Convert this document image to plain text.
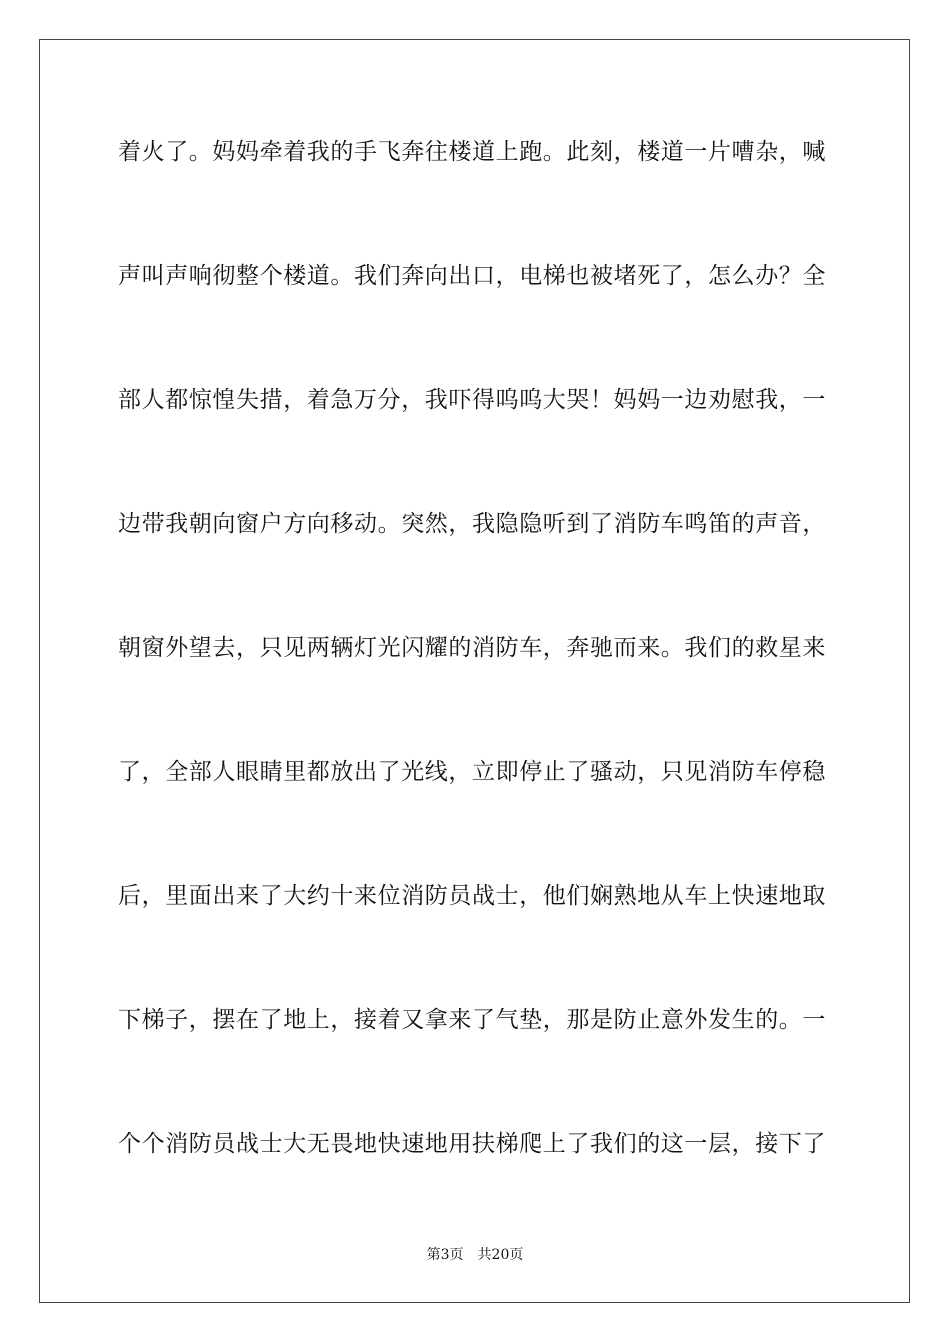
着火了。妈妈牵着我的手飞奔往楼道上跑。此刻，楼道一片嘈杂，喊
声叫声响彻整个楼道。我们奔向出口，电梯也被堵死了，怎么办？全
部人都惊惶失措，着急万分，我吓得呜呜大哭！妈妈一边劝慰我，一
边带我朝向窗户方向移动。突然，我隐隐听到了消防车鸣笛的声音，
朝窗外望去，只见两辆灯光闪耀的消防车，奔驰而来。我们的救星来
了，全部人眼睛里都放出了光线，立即停止了骚动，只见消防车停稳
后，里面出来了大约十来位消防员战士，他们娴熟地从车上快速地取
下梯子，摆在了地上，接着又拿来了气垫，那是防止意外发生的。一
个个消防员战士大无畏地快速地用扶梯爬上了我们的这一层，接下了
第3页 共20页
